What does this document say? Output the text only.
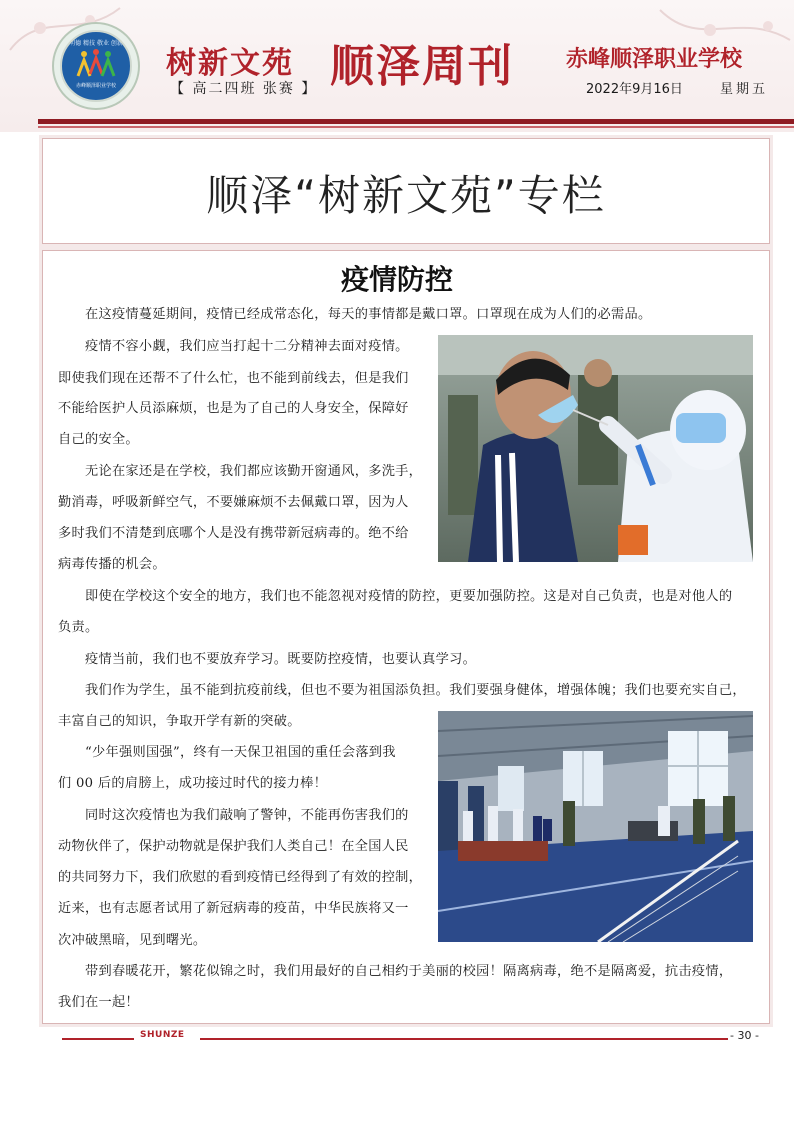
明德 精技 敬业 创新
赤峰顺泽职业学校
树新文苑
【 高二四班 张赛 】 顺泽周刊 赤峰顺泽职业学校
2022年9月16日	星期五
顺泽“树新文苑”专栏
疫情防控
　　在这疫情蔓延期间，疫情已经成常态化，每天的事情都是戴口罩。口罩现在成为人们的必需品。
　　疫情不容小觑，我们应当打起十二分精神去面对疫情。
即使我们现在还帮不了什么忙，也不能到前线去，但是我们
不能给医护人员添麻烦，也是为了自己的人身安全，保障好
自己的安全。
　　无论在家还是在学校，我们都应该勤开窗通风，多洗手，
勤消毒，呼吸新鲜空气，不要嫌麻烦不去佩戴口罩，因为人
多时我们不清楚到底哪个人是没有携带新冠病毒的。绝不给
病毒传播的机会。
　　即使在学校这个安全的地方，我们也不能忽视对疫情的防控，更要加强防控。这是对自己负责，也是对他人的
负责。
　　疫情当前，我们也不要放弃学习。既要防控疫情，也要认真学习。
　　我们作为学生，虽不能到抗疫前线，但也不要为祖国添负担。我们要强身健体，增强体魄；我们也要充实自己，
丰富自己的知识，争取开学有新的突破。
　　“少年强则国强”，终有一天保卫祖国的重任会落到我
们 00 后的肩膀上，成功接过时代的接力棒！
　　同时这次疫情也为我们敲响了警钟，不能再伤害我们的
动物伙伴了，保护动物就是保护我们人类自己！在全国人民
的共同努力下，我们欣慰的看到疫情已经得到了有效的控制，
近来，也有志愿者试用了新冠病毒的疫苗，中华民族将又一
次冲破黑暗，见到曙光。
　　带到春暖花开，繁花似锦之时，我们用最好的自己相约于美丽的校园！隔离病毒，绝不是隔离爱，抗击疫情，
我们在一起！
SHUNZE	- 30 -
